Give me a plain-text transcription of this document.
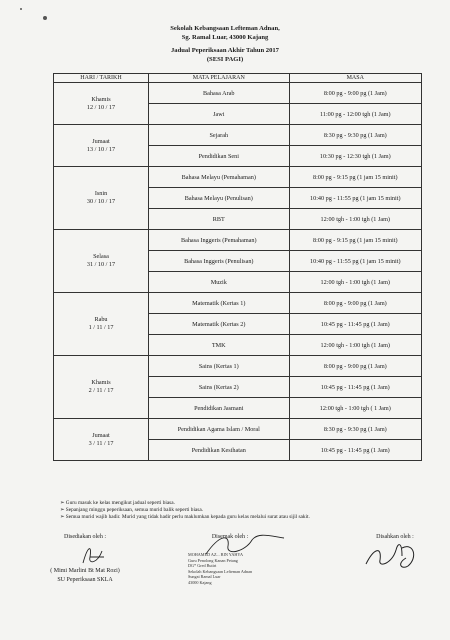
Sekolah Kebangsaan Lefteman Adnan,
Sg. Ramal Luar, 43000 Kajang
Jadual Peperiksaan Akhir Tahun 2017
(SESI PAGI)
HARI / TARIKH	MATA PELAJARAN	MASA

Khamis
12 / 10 / 17	Bahasa Arab	8:00 pg - 9:00 pg (1 Jam)
	Jawi	11:00 pg - 12:00 tgh (1 Jam)

Jumaat
13 / 10 / 17	Sejarah	8:30 pg - 9:30 pg (1 Jam)
	Pendidikan Seni	10:30 pg - 12:30 tgh (1 Jam)

Isnin
30 / 10 / 17	Bahasa Melayu (Pemahaman)	8:00 pg - 9:15 pg (1 jam 15 minit)
	Bahasa Melayu (Penulisan)	10:40 pg - 11:55 pg (1 jam 15 minit)
	RBT	12:00 tgh - 1:00 tgh (1 Jam)

Selasa
31 / 10 / 17	Bahasa Inggeris (Pemahaman)	8:00 pg - 9:15 pg (1 jam 15 minit)
	Bahasa Inggeris (Penulisan)	10:40 pg - 11:55 pg (1 jam 15 minit)
	Muzik	12:00 tgh - 1:00 tgh (1 Jam)

Rabu
1 / 11 / 17	Matematik (Kertas 1)	8:00 pg - 9:00 pg (1 Jam)
	Matematik (Kertas 2)	10:45 pg - 11:45 pg (1 Jam)
	TMK	12:00 tgh - 1:00 tgh (1 Jam)

Khamis
2 / 11 / 17	Sains (Kertas 1)	8:00 pg - 9:00 pg (1 Jam)
	Sains (Kertas 2)	10:45 pg - 11:45 pg (1 Jam)
	Pendidikan Jasmani	12:00 tgh - 1:00 tgh ( 1 Jam)

Jumaat
3 / 11 / 17	Pendidikan Agama Islam / Moral	8:30 pg - 9:30 pg (1 Jam)
	Pendidikan Kesihatan	10:45 pg - 11:45 pg (1 Jam)
➢ Guru masuk ke kelas mengikut jadual seperti biasa.
➢ Sepanjang minggu peperiksaan, semua murid balik seperti biasa.
➢ Semua murid wajib hadir. Murid yang tidak hadir perlu maklumkan kepada guru kelas melalui surat atau sijil sakit.
Disediakan oleh :
( Mimi Marlini Bt Mat Rozi)
SU Peperiksaan SKLA
Disemak oleh :
MOHAMED AZ... BIN YAHYA
Guru Penolong Kanan Petang
DG* Gred Butiri
Sekolah Kebangsaan Lefteman Adnan
Sungai Ramal Luar
43000 Kajang
Disahkan oleh :
